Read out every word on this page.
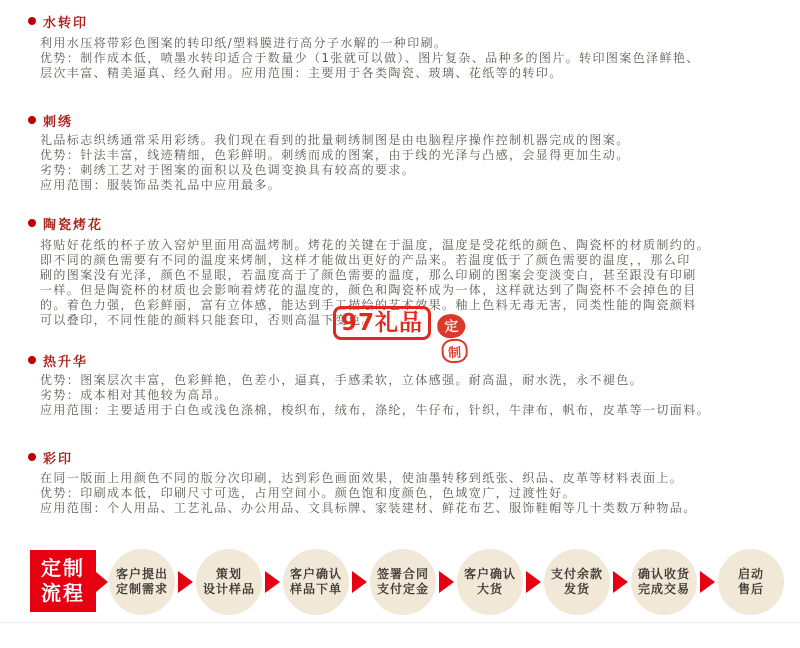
水转印
利用水压将带彩色图案的转印纸/塑料膜进行高分子水解的一种印刷。
优势：制作成本低，喷墨水转印适合于数量少（1张就可以做）、图片复杂、品种多的图片。转印图案色泽鲜艳、
层次丰富、精美逼真、经久耐用。应用范围：主要用于各类陶瓷、玻璃、花纸等的转印。
刺绣
礼品标志织绣通常采用彩绣。我们现在看到的批量刺绣制图是由电脑程序操作控制机器完成的图案。
优势：针法丰富，线迹精细，色彩鲜明。刺绣而成的图案，由于线的光泽与凸感，会显得更加生动。
劣势：刺绣工艺对于图案的面积以及色调变换具有较高的要求。
应用范围：服装饰品类礼品中应用最多。
陶瓷烤花
将贴好花纸的杯子放入窑炉里面用高温烤制。烤花的关键在于温度，温度是受花纸的颜色、陶瓷杯的材质制约的。
即不同的颜色需要有不同的温度来烤制，这样才能做出更好的产品来。若温度低于了颜色需要的温度，，那么印
刷的图案没有光泽，颜色不显眼，若温度高于了颜色需要的温度，那么印刷的图案会变淡变白，甚至跟没有印刷
一样。但是陶瓷杯的材质也会影响着烤花的温度的，颜色和陶瓷杯成为一体，这样就达到了陶瓷杯不会掉色的目
的。着色力强，色彩鲜丽，富有立体感，能达到手工描绘的艺术效果。釉上色料无毒无害，同类性能的陶瓷颜料
可以叠印，不同性能的颜料只能套印，否则高温下变色。
热升华
优势：图案层次丰富，色彩鲜艳，色差小，逼真，手感柔软，立体感强。耐高温，耐水洗，永不褪色。
劣势：成本相对其他较为高昂。
应用范围：主要适用于白色或浅色涤棉，梭织布，绒布，涤纶，牛仔布，针织，牛津布，帆布，皮革等一切面料。
彩印
在同一版面上用颜色不同的版分次印刷，达到彩色画面效果，使油墨转移到纸张、织品、皮革等材料表面上。
优势：印刷成本低，印刷尺寸可选，占用空间小。颜色饱和度颜色，色域宽广，过渡性好。
应用范围：个人用品、工艺礼品、办公用品、文具标牌、家装建材、鲜花布艺、服饰鞋帽等几十类数万种物品。
97礼品	定
制
定制
流程
客户提出
定制需求
策划
设计样品
客户确认
样品下单
签署合同
支付定金
客户确认
大货
支付余款
发货
确认收货
完成交易
启动
售后
